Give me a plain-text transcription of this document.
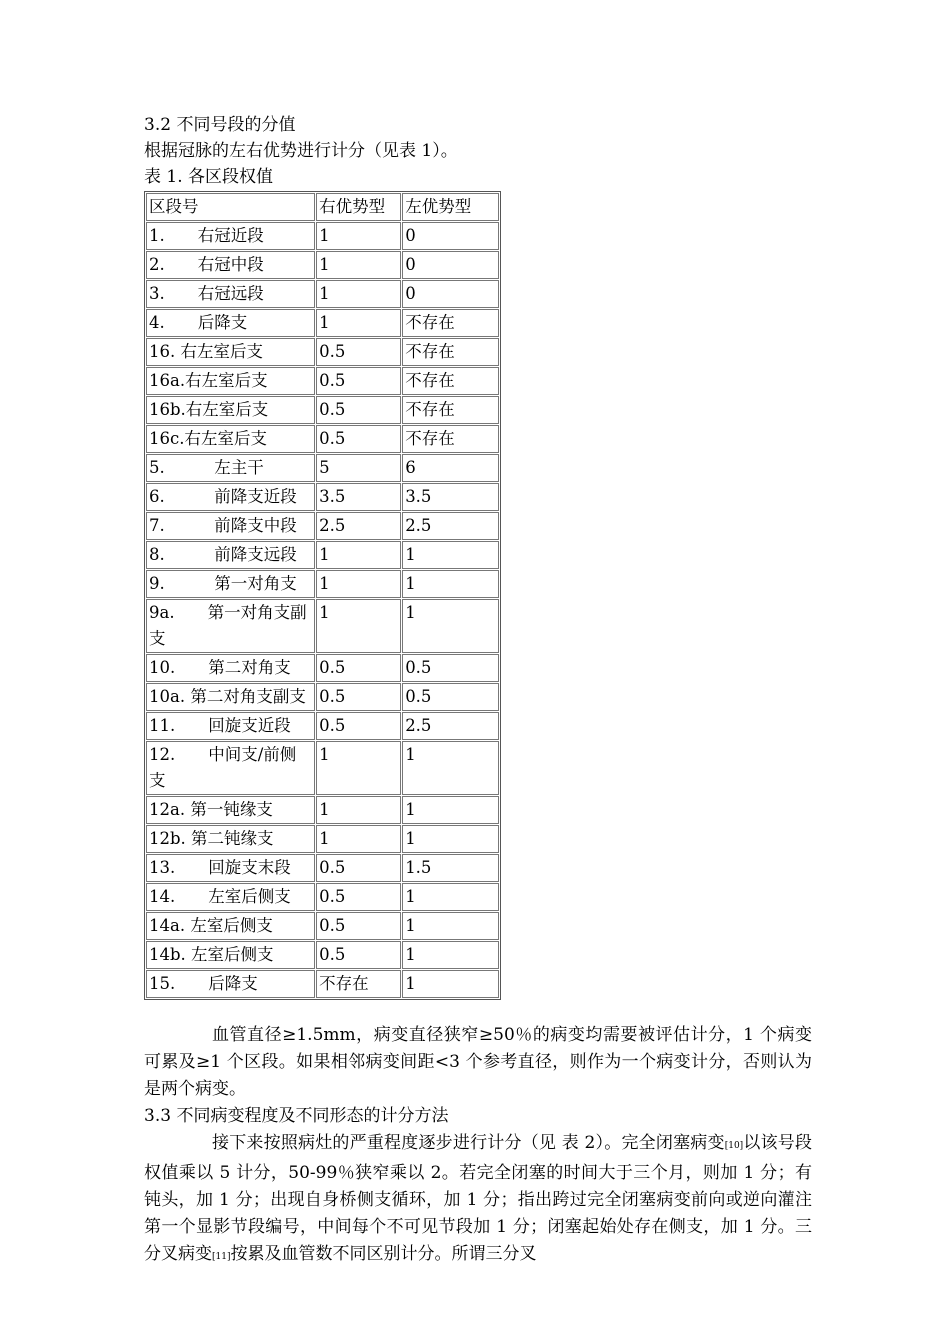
3.2 不同号段的分值
根据冠脉的左右优势进行计分（见表 1）。
表 1. 各区段权值
区段号	右优势型	左优势型
1.　　右冠近段	1	0
2.　　右冠中段	1	0
3.　　右冠远段	1	0
4.　　后降支	1	不存在
16. 右左室后支	0.5	不存在
16a.右左室后支	0.5	不存在
16b.右左室后支	0.5	不存在
16c.右左室后支	0.5	不存在
5.　　　左主干	5	6
6.　　　前降支近段	3.5	3.5
7.　　　前降支中段	2.5	2.5
8.　　　前降支远段	1	1
9.　　　第一对角支	1	1
9a.　　第一对角支副支	1	1
10.　　第二对角支	0.5	0.5
10a. 第二对角支副支	0.5	0.5
11.　　回旋支近段	0.5	2.5
12.　　中间支/前侧支	1	1
12a. 第一钝缘支	1	1
12b. 第二钝缘支	1	1
13.　　回旋支末段	0.5	1.5
14.　　左室后侧支	0.5	1
14a. 左室后侧支	0.5	1
14b. 左室后侧支	0.5	1
15.　　后降支	不存在	1
血管直径≥1.5mm，病变直径狭窄≥50％的病变均需要被评估计分，1 个病变可累及≥1 个区段。如果相邻病变间距<3 个参考直径，则作为一个病变计分，否则认为是两个病变。
3.3 不同病变程度及不同形态的计分方法
接下来按照病灶的严重程度逐步进行计分（见 表 2）。完全闭塞病变[10]以该号段权值乘以 5 计分，50-99％狭窄乘以 2。若完全闭塞的时间大于三个月，则加 1 分；有钝头，加 1 分；出现自身桥侧支循环，加 1 分；指出跨过完全闭塞病变前向或逆向灌注第一个显影节段编号，中间每个不可见节段加 1 分；闭塞起始处存在侧支，加 1 分。三分叉病变[11]按累及血管数不同区别计分。所谓三分叉
